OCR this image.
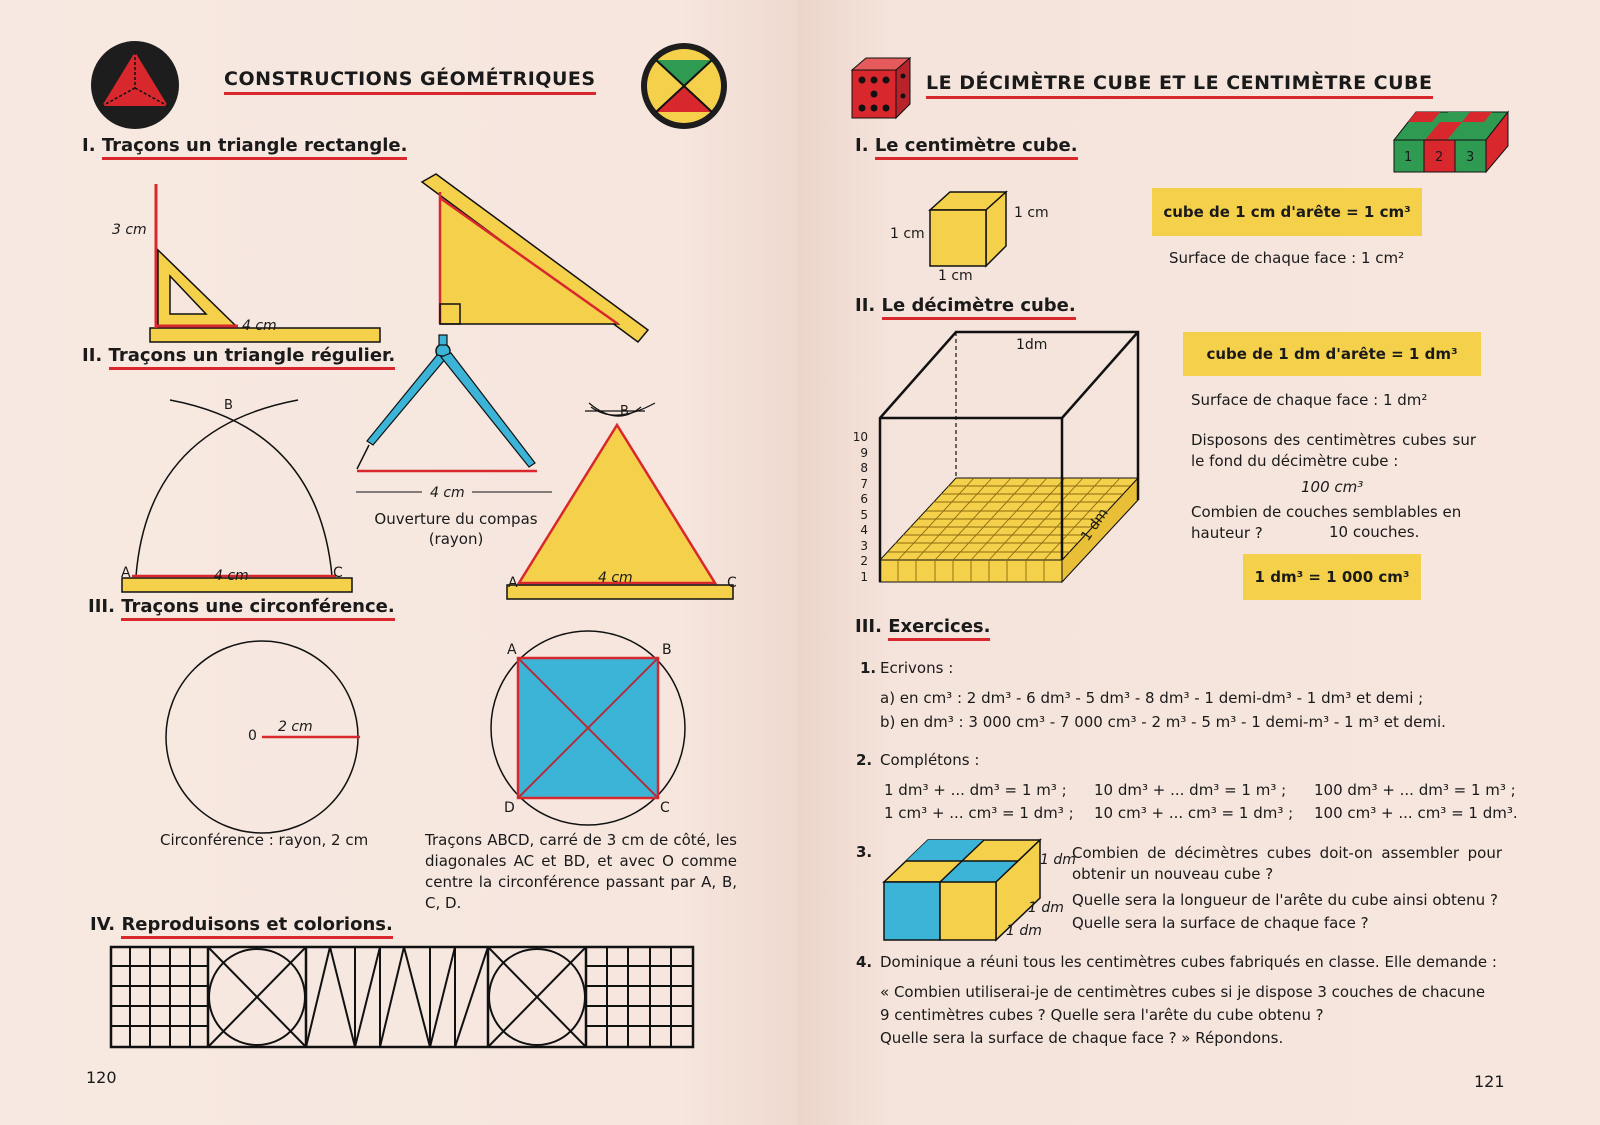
CONSTRUCTIONS GÉOMÉTRIQUES
I. Traçons un triangle rectangle.
3 cm
4 cm
II. Traçons un triangle régulier.
B
A	C
4 cm
4 cm
Ouverture du compas
(rayon)
B
A	C
4 cm
III. Traçons une circonférence.
0
2 cm
Circonférence : rayon, 2 cm
A	B
C
D
Traçons ABCD, carré de 3 cm de côté, les diagonales AC et BD, et avec O comme centre la circonférence passant par A, B, C, D.
IV. Reproduisons et colorions.
120
LE DÉCIMÈTRE CUBE ET LE CENTIMÈTRE CUBE
1 2 3
I. Le centimètre cube.
1 cm
1 cm
1 cm
cube de 1 cm d'arête = 1 cm³
Surface de chaque face : 1 cm²
II. Le décimètre cube.
1dm
1 dm
10
9
8
7
6
5
4
3
2
1
cube de 1 dm d'arête = 1 dm³
Surface de chaque face : 1 dm²
Disposons des centimètres cubes sur le fond du décimètre cube :
100 cm³
Combien de couches semblables en hauteur ?	10 couches.
1 dm³ = 1 000 cm³
III. Exercices.
1. Ecrivons :
a) en cm³ : 2 dm³ - 6 dm³ - 5 dm³ - 8 dm³ - 1 demi-dm³ - 1 dm³ et demi ;
b) en dm³ : 3 000 cm³ - 7 000 cm³ - 2 m³ - 5 m³ - 1 demi-m³ - 1 m³ et demi.
2. Complétons :
1 dm³ + ... dm³ = 1 m³ ; 10 dm³ + ... dm³ = 1 m³ ; 100 dm³ + ... dm³ = 1 m³ ;
1 cm³ + ... cm³ = 1 dm³ ; 10 cm³ + ... cm³ = 1 dm³ ; 100 cm³ + ... cm³ = 1 dm³.
3.	1 dm
1 dm
1 dm
Combien de décimètres cubes doit-on assembler pour obtenir un nouveau cube ?
Quelle sera la longueur de l'arête du cube ainsi obtenu ?
Quelle sera la surface de chaque face ?
4. Dominique a réuni tous les centimètres cubes fabriqués en classe. Elle demande :
« Combien utiliserai-je de centimètres cubes si je dispose 3 couches de chacune
9 centimètres cubes ? Quelle sera l'arête du cube obtenu ?
Quelle sera la surface de chaque face ? » Répondons.
121
